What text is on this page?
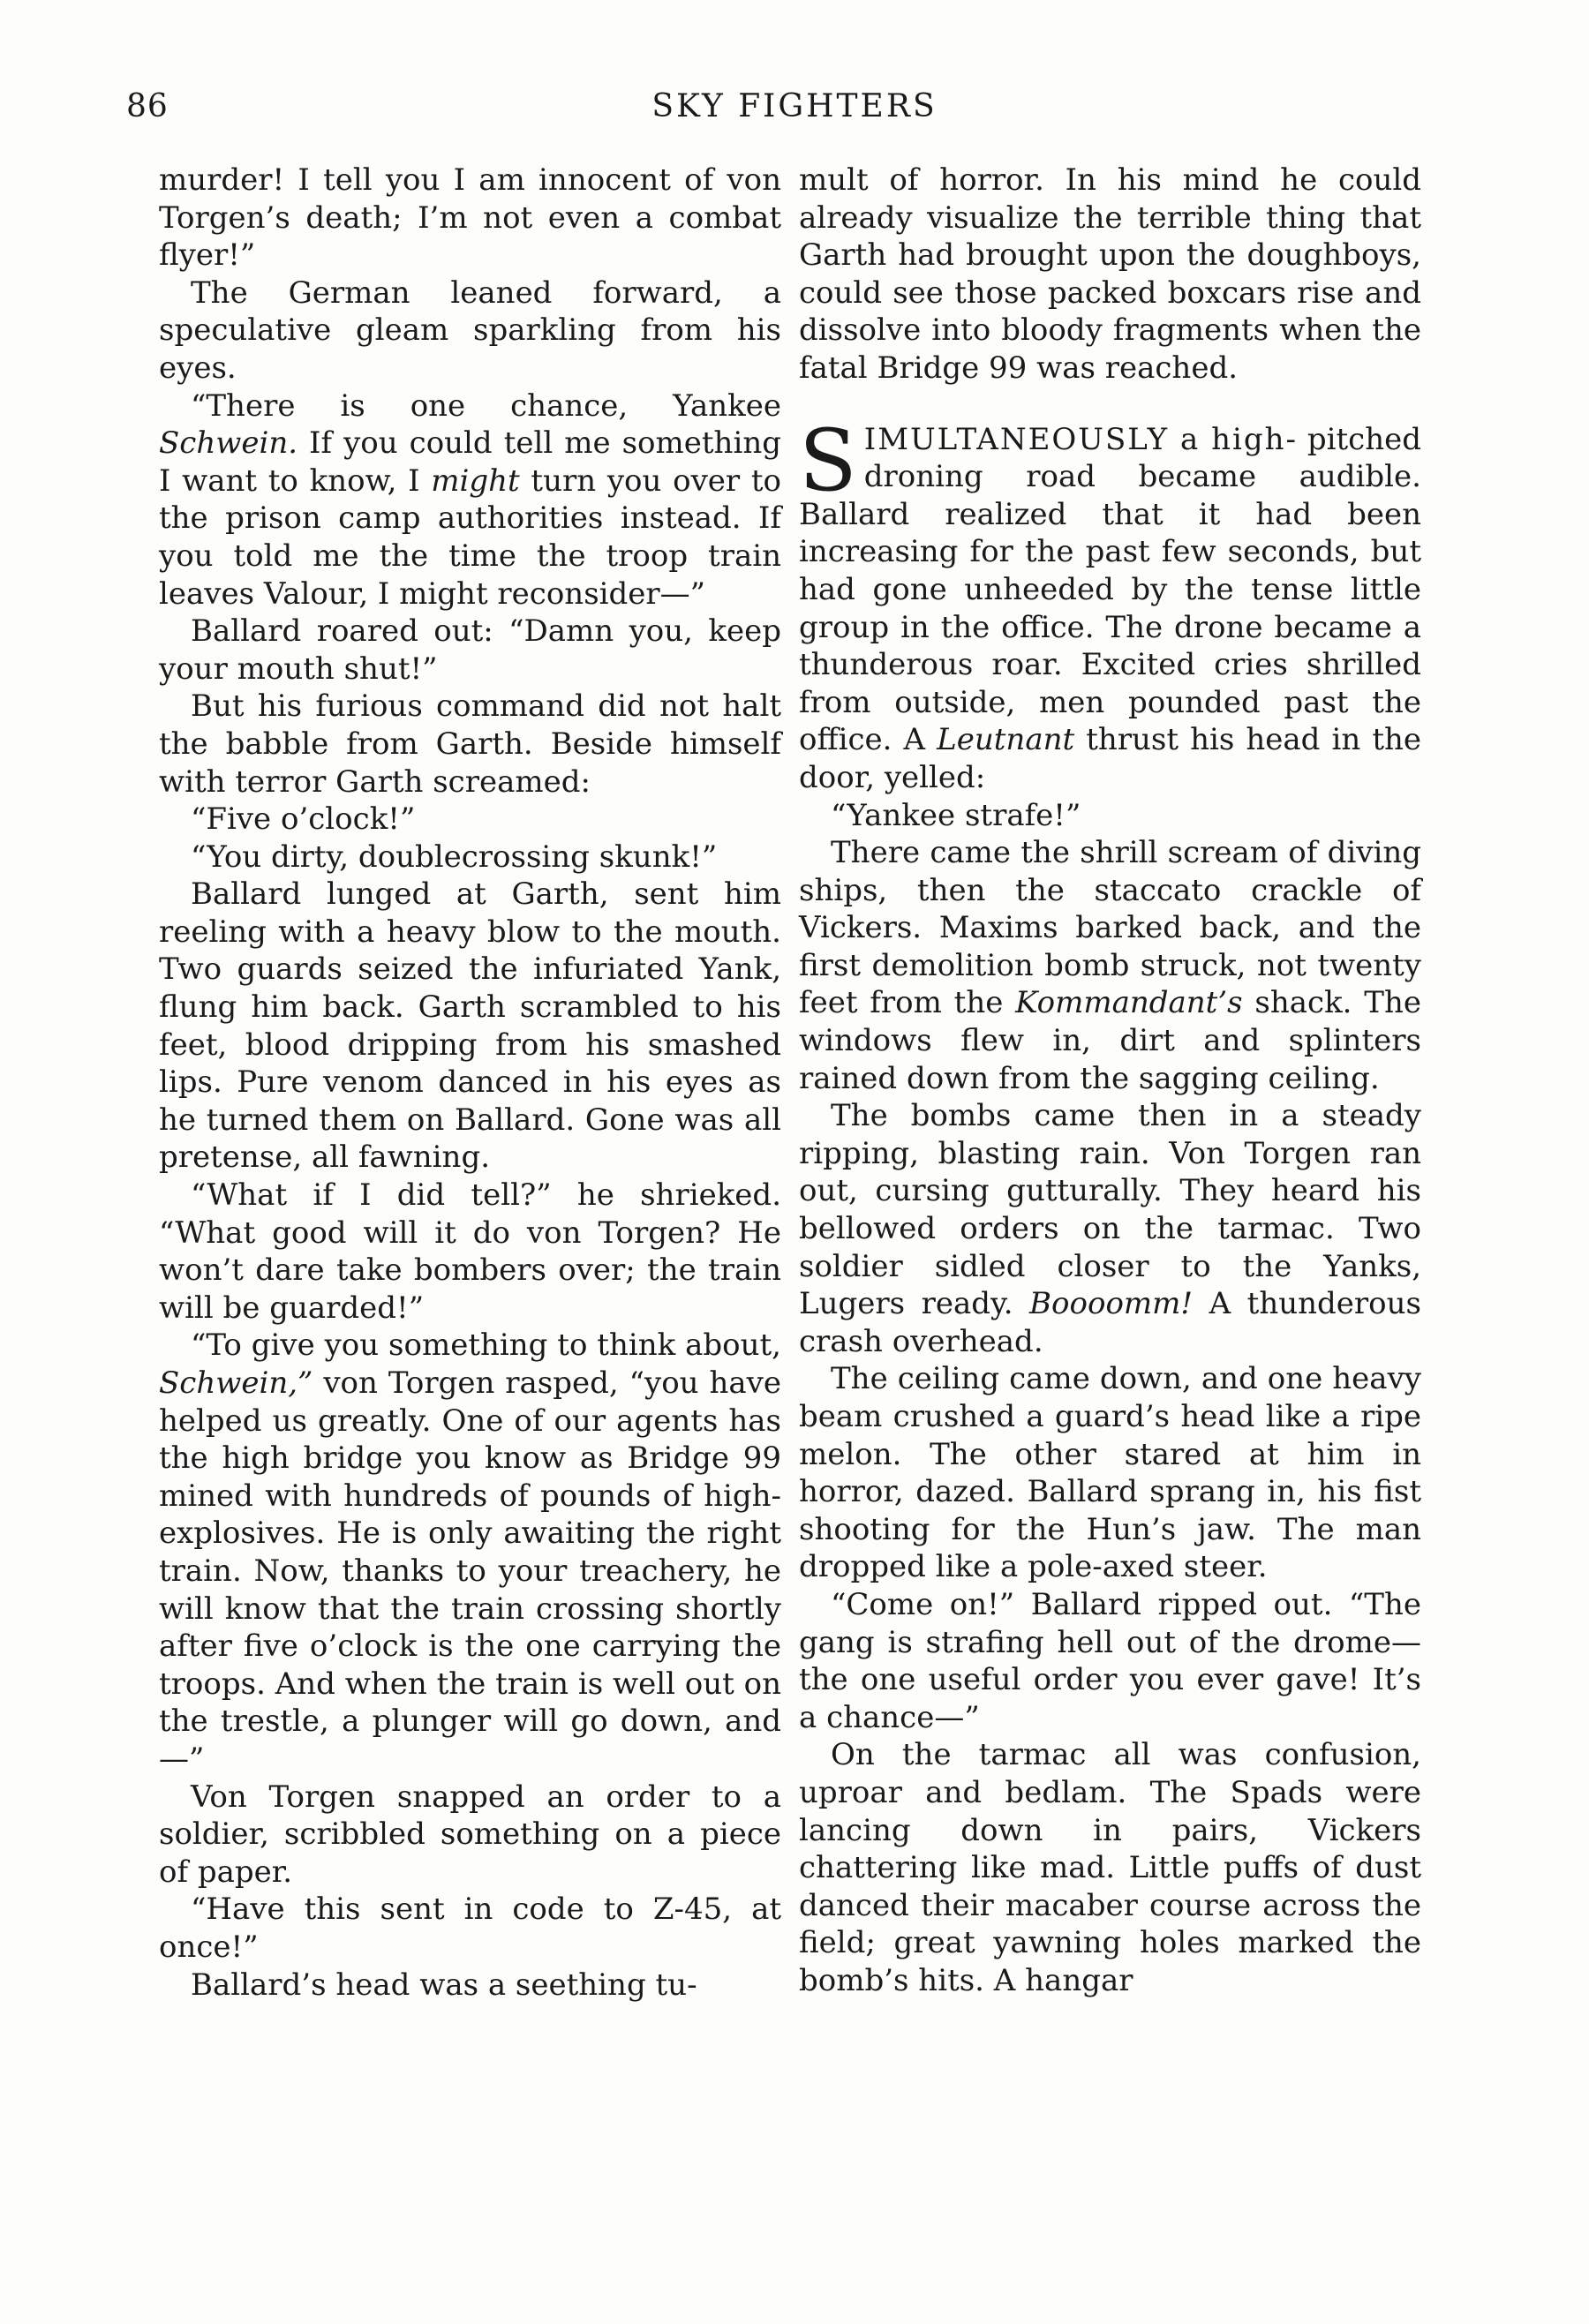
86	SKY FIGHTERS

murder! I tell you I am innocent of von Torgen’s death; I’m not even a combat flyer!”

The German leaned forward, a speculative gleam sparkling from his eyes.

“There is one chance, Yankee Schwein. If you could tell me something I want to know, I might turn you over to the prison camp authorities instead. If you told me the time the troop train leaves Valour, I might reconsider—”

Ballard roared out: “Damn you, keep your mouth shut!”

But his furious command did not halt the babble from Garth. Beside himself with terror Garth screamed:

“Five o’clock!”

“You dirty, doublecrossing skunk!”

Ballard lunged at Garth, sent him reeling with a heavy blow to the mouth. Two guards seized the infuriated Yank, flung him back. Garth scrambled to his feet, blood dripping from his smashed lips. Pure venom danced in his eyes as he turned them on Ballard. Gone was all pretense, all fawning.

“What if I did tell?” he shrieked. “What good will it do von Torgen? He won’t dare take bombers over; the train will be guarded!”

“To give you something to think about, Schwein,” von Torgen rasped, “you have helped us greatly. One of our agents has the high bridge you know as Bridge 99 mined with hundreds of pounds of high-explosives. He is only awaiting the right train. Now, thanks to your treachery, he will know that the train crossing shortly after five o’clock is the one carrying the troops. And when the train is well out on the trestle, a plunger will go down, and—”

Von Torgen snapped an order to a soldier, scribbled something on a piece of paper.

“Have this sent in code to Z-45, at once!”

Ballard’s head was a seething tu-

mult of horror. In his mind he could already visualize the terrible thing that Garth had brought upon the doughboys, could see those packed boxcars rise and dissolve into bloody fragments when the fatal Bridge 99 was reached.

SIMULTANEOUSLY a high- pitched droning road became audible. Ballard realized that it had been increasing for the past few seconds, but had gone unheeded by the tense little group in the office. The drone became a thunderous roar. Excited cries shrilled from outside, men pounded past the office. A Leutnant thrust his head in the door, yelled:

“Yankee strafe!”

There came the shrill scream of diving ships, then the staccato crackle of Vickers. Maxims barked back, and the first demolition bomb struck, not twenty feet from the Kommandant’s shack. The windows flew in, dirt and splinters rained down from the sagging ceiling.

The bombs came then in a steady ripping, blasting rain. Von Torgen ran out, cursing gutturally. They heard his bellowed orders on the tarmac. Two soldier sidled closer to the Yanks, Lugers ready. Boooomm! A thunderous crash overhead.

The ceiling came down, and one heavy beam crushed a guard’s head like a ripe melon. The other stared at him in horror, dazed. Ballard sprang in, his fist shooting for the Hun’s jaw. The man dropped like a pole-axed steer.

“Come on!” Ballard ripped out. “The gang is strafing hell out of the drome—the one useful order you ever gave! It’s a chance—”

On the tarmac all was confusion, uproar and bedlam. The Spads were lancing down in pairs, Vickers chattering like mad. Little puffs of dust danced their macaber course across the field; great yawning holes marked the bomb’s hits. A hangar
